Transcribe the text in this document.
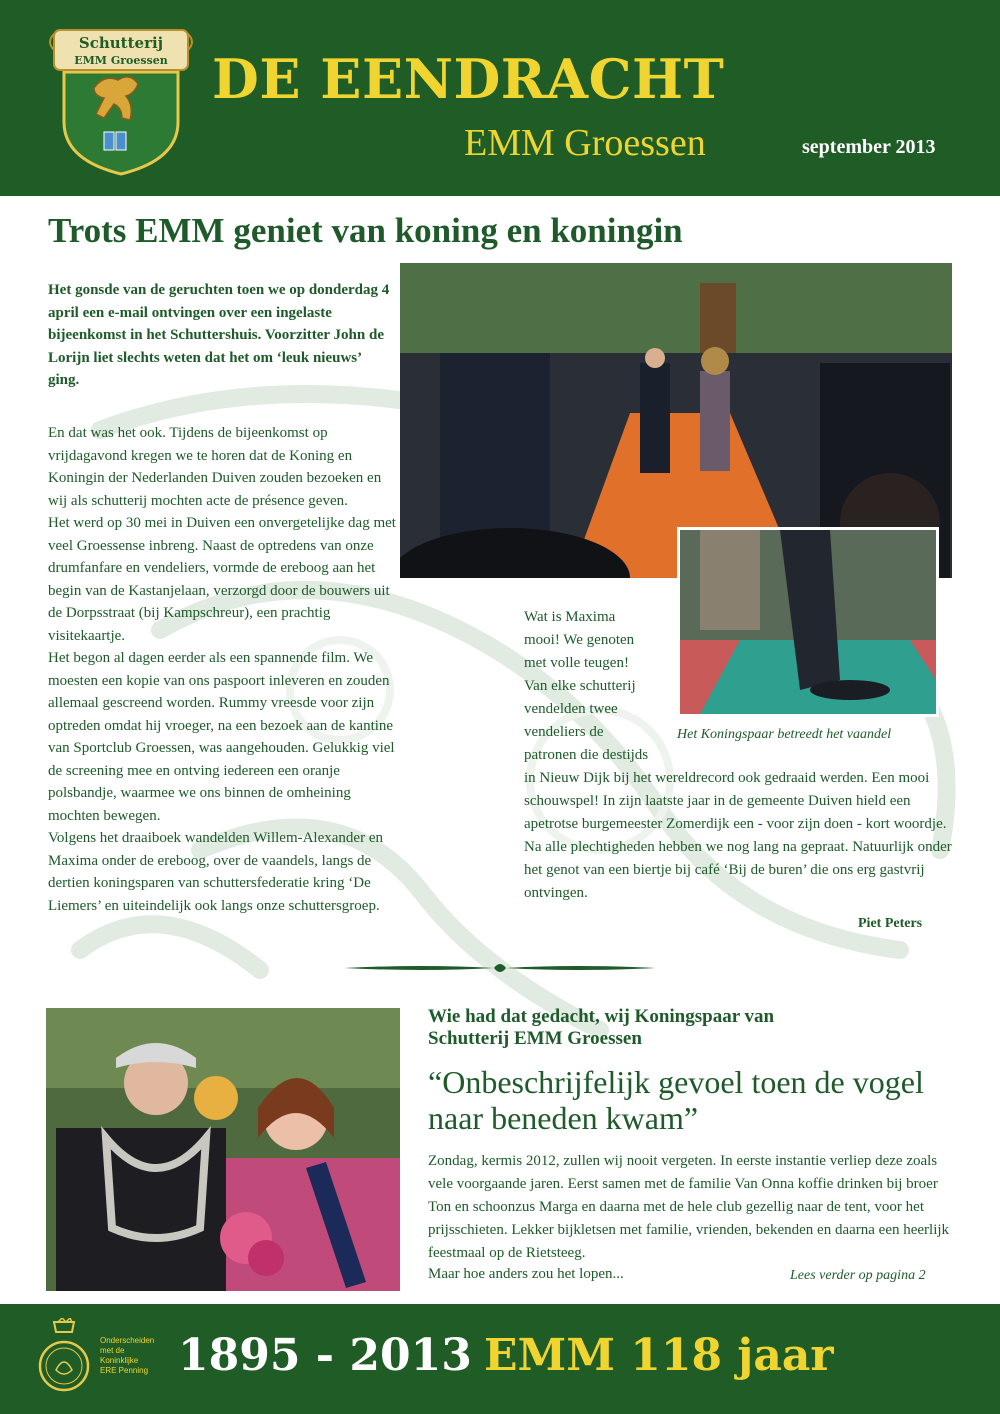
Schutterij
EMM Groessen DE EENDRACHT
EMM Groessen	september 2013
Trots EMM geniet van koning en koningin
Het gonsde van de geruchten toen we op donderdag 4 april een e-mail ontvingen over een ingelaste bijeenkomst in het Schuttershuis. Voorzitter John de Lorijn liet slechts weten dat het om ‘leuk nieuws’ ging.

En dat was het ook. Tijdens de bijeenkomst op vrijdagavond kregen we te horen dat de Koning en Koningin der Nederlanden Duiven zouden bezoeken en wij als schutterij mochten acte de présence geven.

Het werd op 30 mei in Duiven een onvergetelijke dag met veel Groessense inbreng. Naast de optredens van onze drumfanfare en vendeliers, vormde de ereboog aan het begin van de Kastanjelaan, verzorgd door de bouwers uit de Dorpsstraat (bij Kampschreur), een prachtig visitekaartje.

Het begon al dagen eerder als een spannende film. We moesten een kopie van ons paspoort inleveren en zouden allemaal gescreend worden. Rummy vreesde voor zijn optreden omdat hij vroeger, na een bezoek aan de kantine van Sportclub Groessen, was aangehouden. Gelukkig viel de screening mee en ontving iedereen een oranje polsbandje, waarmee we ons binnen de omheining mochten bewegen.

Volgens het draaiboek wandelden Willem-Alexander en Maxima onder de ereboog, over de vaandels, langs de dertien koningsparen van schuttersfederatie kring ‘De Liemers’ en uiteindelijk ook langs onze schuttersgroep.

Het Koningspaar betreedt het vaandel

Wat is Maxima

mooi! We genoten

met volle teugen!

Van elke schutterij

vendelden twee

vendeliers de

patronen die destijds

in Nieuw Dijk bij het wereldrecord ook gedraaid werden. Een mooi schouwspel! In zijn laatste jaar in de gemeente Duiven hield een apetrotse burgemeester Zomerdijk een - voor zijn doen - kort woordje. Na alle plechtigheden hebben we nog lang na gepraat. Natuurlijk onder het genot van een biertje bij café ‘Bij de buren’ die ons erg gastvrij ontvingen.
Piet Peters
Wie had dat gedacht, wij Koningspaar van Schutterij EMM Groessen
“Onbeschrijfelijk gevoel toen de vogel naar beneden kwam”
Zondag, kermis 2012, zullen wij nooit vergeten. In eerste instantie verliep deze zoals vele voorgaande jaren. Eerst samen met de familie Van Onna koffie drinken bij broer Ton en schoonzus Marga en daarna met de hele club gezellig naar de tent, voor het prijsschieten. Lekker bijkletsen met familie, vrienden, bekenden en daarna een heerlijk feestmaal op de Rietsteeg.
Maar hoe anders zou het lopen...	Lees verder op pagina 2
Onderscheiden
met de
Koninklijke
ERE Penning 1895 - 2013 EMM 118 jaar
